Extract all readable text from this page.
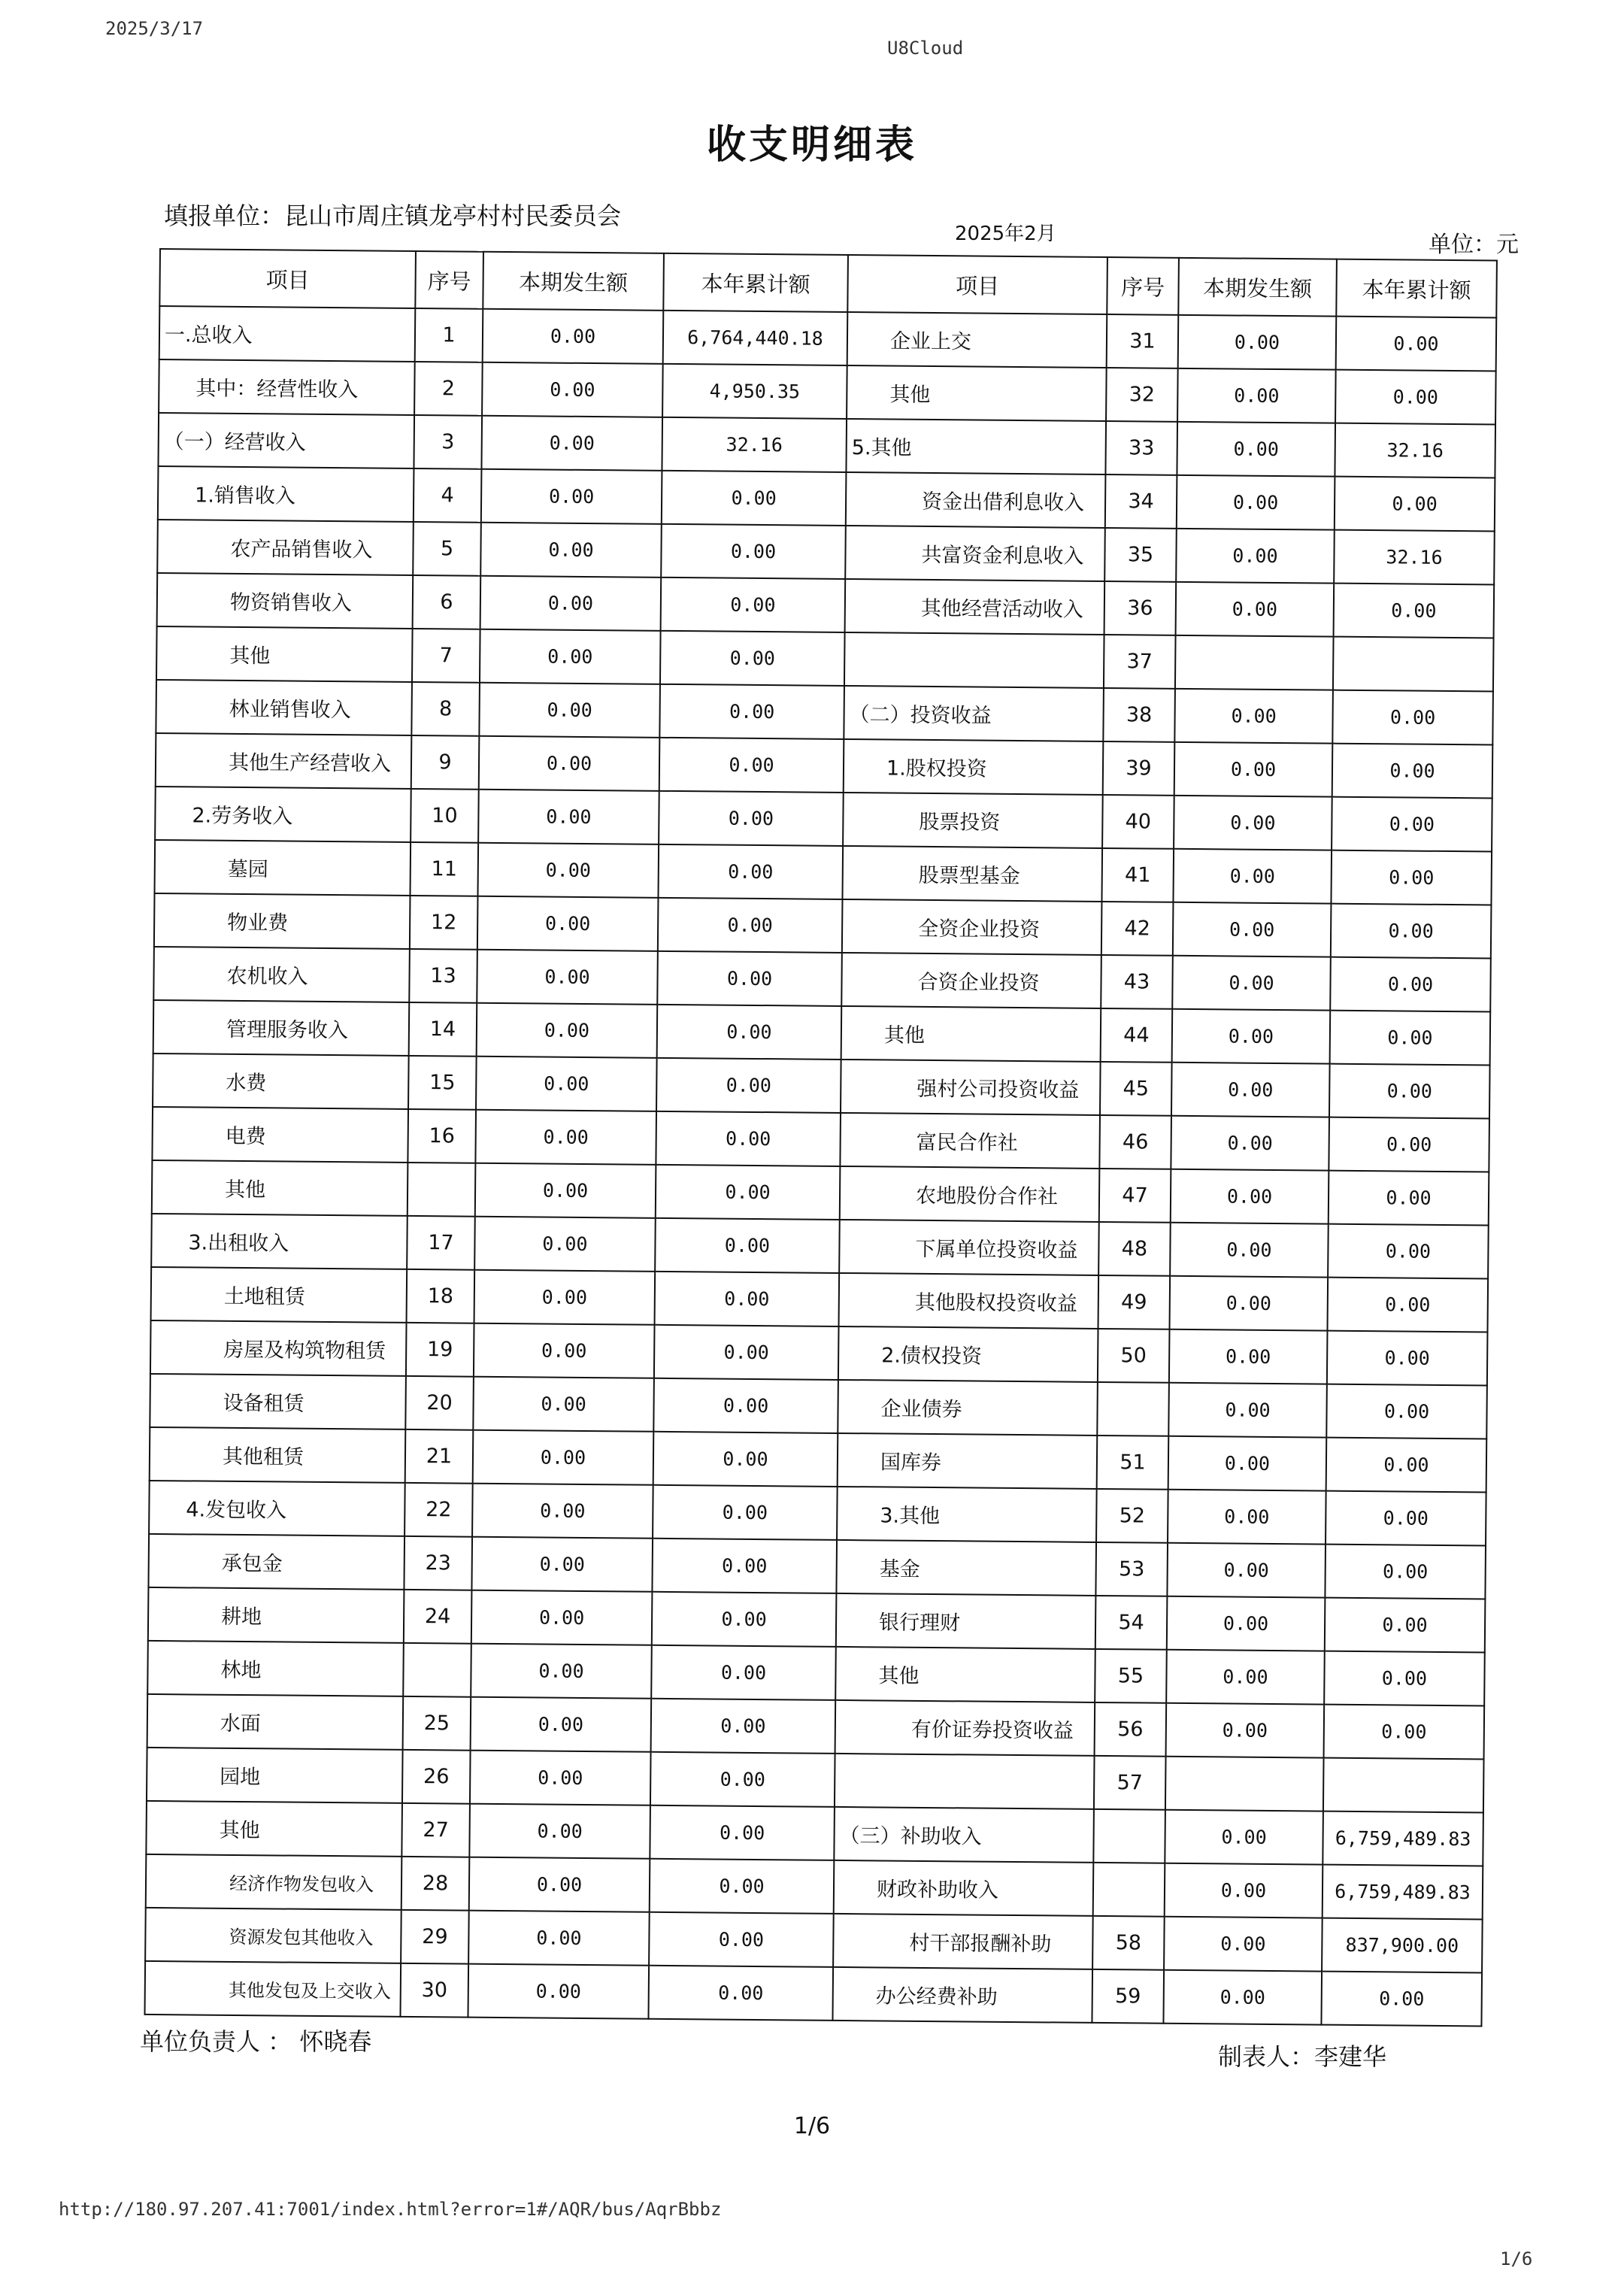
2025/3/17
U8Cloud
收支明细表
填报单位：昆山市周庄镇龙亭村村民委员会
2025年2月	单位：元
项目	序号	本期发生额	本年累计额	项目	序号	本期发生额	本年累计额
一.总收入	1	0.00	6,764,440.18	企业上交	31	0.00	0.00
其中：经营性收入	2	0.00	4,950.35	其他	32	0.00	0.00
（一）经营收入	3	0.00	32.16	5.其他	33	0.00	32.16
1.销售收入	4	0.00	0.00	资金出借利息收入	34	0.00	0.00
农产品销售收入	5	0.00	0.00	共富资金利息收入	35	0.00	32.16
物资销售收入	6	0.00	0.00	其他经营活动收入	36	0.00	0.00
其他	7	0.00	0.00		37		
林业销售收入	8	0.00	0.00	（二）投资收益	38	0.00	0.00
其他生产经营收入	9	0.00	0.00	1.股权投资	39	0.00	0.00
2.劳务收入	10	0.00	0.00	股票投资	40	0.00	0.00
墓园	11	0.00	0.00	股票型基金	41	0.00	0.00
物业费	12	0.00	0.00	全资企业投资	42	0.00	0.00
农机收入	13	0.00	0.00	合资企业投资	43	0.00	0.00
管理服务收入	14	0.00	0.00	其他	44	0.00	0.00
水费	15	0.00	0.00	强村公司投资收益	45	0.00	0.00
电费	16	0.00	0.00	富民合作社	46	0.00	0.00
其他		0.00	0.00	农地股份合作社	47	0.00	0.00
3.出租收入	17	0.00	0.00	下属单位投资收益	48	0.00	0.00
土地租赁	18	0.00	0.00	其他股权投资收益	49	0.00	0.00
房屋及构筑物租赁	19	0.00	0.00	2.债权投资	50	0.00	0.00
设备租赁	20	0.00	0.00	企业债券		0.00	0.00
其他租赁	21	0.00	0.00	国库券	51	0.00	0.00
4.发包收入	22	0.00	0.00	3.其他	52	0.00	0.00
承包金	23	0.00	0.00	基金	53	0.00	0.00
耕地	24	0.00	0.00	银行理财	54	0.00	0.00
林地		0.00	0.00	其他	55	0.00	0.00
水面	25	0.00	0.00	有价证券投资收益	56	0.00	0.00
园地	26	0.00	0.00		57		
其他	27	0.00	0.00	（三）补助收入		0.00	6,759,489.83
经济作物发包收入	28	0.00	0.00	财政补助收入		0.00	6,759,489.83
资源发包其他收入	29	0.00	0.00	村干部报酬补助	58	0.00	837,900.00
其他发包及上交收入	30	0.00	0.00	办公经费补助	59	0.00	0.00
单位负责人 ： 怀晓春
制表人：李建华
1/6
http://180.97.207.41:7001/index.html?error=1#/AQR/bus/AqrBbbz
1/6
